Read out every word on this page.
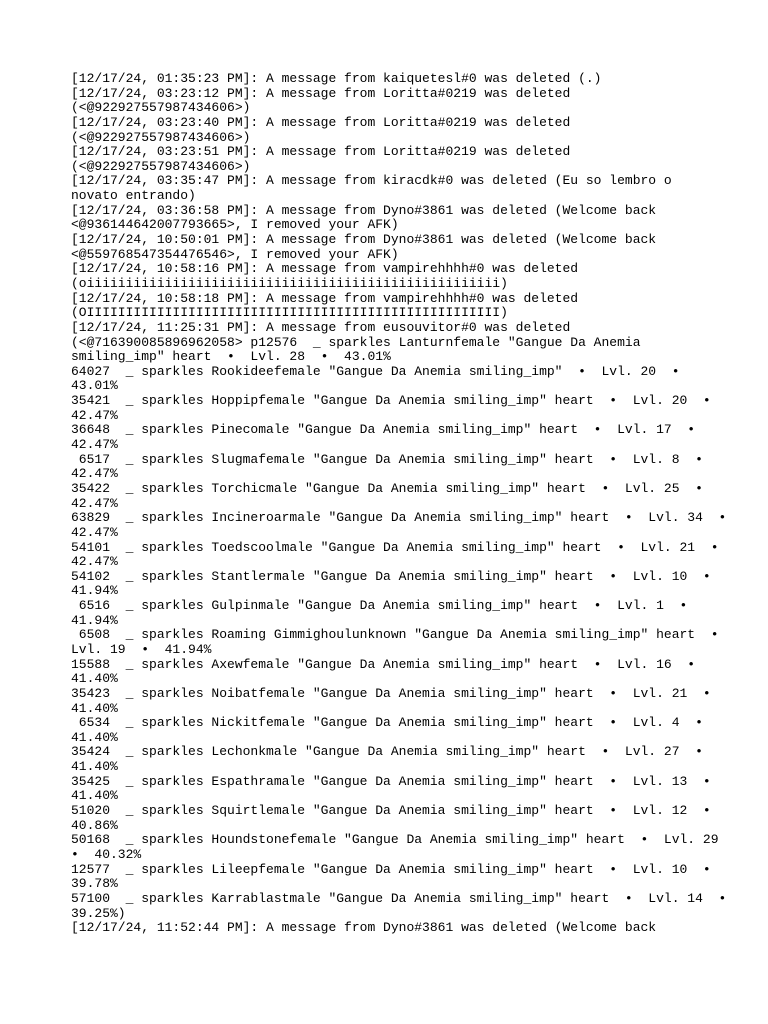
[12/17/24, 01:35:23 PM]: A message from kaiquetesl#0 was deleted (.)
[12/17/24, 03:23:12 PM]: A message from Loritta#0219 was deleted
(<@922927557987434606>)
[12/17/24, 03:23:40 PM]: A message from Loritta#0219 was deleted
(<@922927557987434606>)
[12/17/24, 03:23:51 PM]: A message from Loritta#0219 was deleted
(<@922927557987434606>)
[12/17/24, 03:35:47 PM]: A message from kiracdk#0 was deleted (Eu so lembro o
novato entrando)
[12/17/24, 03:36:58 PM]: A message from Dyno#3861 was deleted (Welcome back
<@936144642007793665>, I removed your AFK)
[12/17/24, 10:50:01 PM]: A message from Dyno#3861 was deleted (Welcome back
<@559768547354476546>, I removed your AFK)
[12/17/24, 10:58:16 PM]: A message from vampirehhhh#0 was deleted
(oiiiiiiiiiiiiiiiiiiiiiiiiiiiiiiiiiiiiiiiiiiiiiiiiiiiii)
[12/17/24, 10:58:18 PM]: A message from vampirehhhh#0 was deleted
(OIIIIIIIIIIIIIIIIIIIIIIIIIIIIIIIIIIIIIIIIIIIIIIIIIIIII)
[12/17/24, 11:25:31 PM]: A message from eusouvitor#0 was deleted
(<@716390085896962058> p12576  _ sparkles Lanturnfemale "Gangue Da Anemia
smiling_imp" heart  •  Lvl. 28  •  43.01%
64027  _ sparkles Rookideefemale "Gangue Da Anemia smiling_imp"  •  Lvl. 20  •
43.01%
35421  _ sparkles Hoppipfemale "Gangue Da Anemia smiling_imp" heart  •  Lvl. 20  •
42.47%
36648  _ sparkles Pinecomale "Gangue Da Anemia smiling_imp" heart  •  Lvl. 17  •
42.47%
6517  _ sparkles Slugmafemale "Gangue Da Anemia smiling_imp" heart  •  Lvl. 8  •
42.47%
35422  _ sparkles Torchicmale "Gangue Da Anemia smiling_imp" heart  •  Lvl. 25  •
42.47%
63829  _ sparkles Incineroarmale "Gangue Da Anemia smiling_imp" heart  •  Lvl. 34  •
42.47%
54101  _ sparkles Toedscoolmale "Gangue Da Anemia smiling_imp" heart  •  Lvl. 21  •
42.47%
54102  _ sparkles Stantlermale "Gangue Da Anemia smiling_imp" heart  •  Lvl. 10  •
41.94%
6516  _ sparkles Gulpinmale "Gangue Da Anemia smiling_imp" heart  •  Lvl. 1  •
41.94%
6508  _ sparkles Roaming Gimmighoulunknown "Gangue Da Anemia smiling_imp" heart  •
Lvl. 19  •  41.94%
15588  _ sparkles Axewfemale "Gangue Da Anemia smiling_imp" heart  •  Lvl. 16  •
41.40%
35423  _ sparkles Noibatfemale "Gangue Da Anemia smiling_imp" heart  •  Lvl. 21  •
41.40%
6534  _ sparkles Nickitfemale "Gangue Da Anemia smiling_imp" heart  •  Lvl. 4  •
41.40%
35424  _ sparkles Lechonkmale "Gangue Da Anemia smiling_imp" heart  •  Lvl. 27  •
41.40%
35425  _ sparkles Espathramale "Gangue Da Anemia smiling_imp" heart  •  Lvl. 13  •
41.40%
51020  _ sparkles Squirtlemale "Gangue Da Anemia smiling_imp" heart  •  Lvl. 12  •
40.86%
50168  _ sparkles Houndstonefemale "Gangue Da Anemia smiling_imp" heart  •  Lvl. 29
•  40.32%
12577  _ sparkles Lileepfemale "Gangue Da Anemia smiling_imp" heart  •  Lvl. 10  •
39.78%
57100  _ sparkles Karrablastmale "Gangue Da Anemia smiling_imp" heart  •  Lvl. 14  •
39.25%)
[12/17/24, 11:52:44 PM]: A message from Dyno#3861 was deleted (Welcome back
